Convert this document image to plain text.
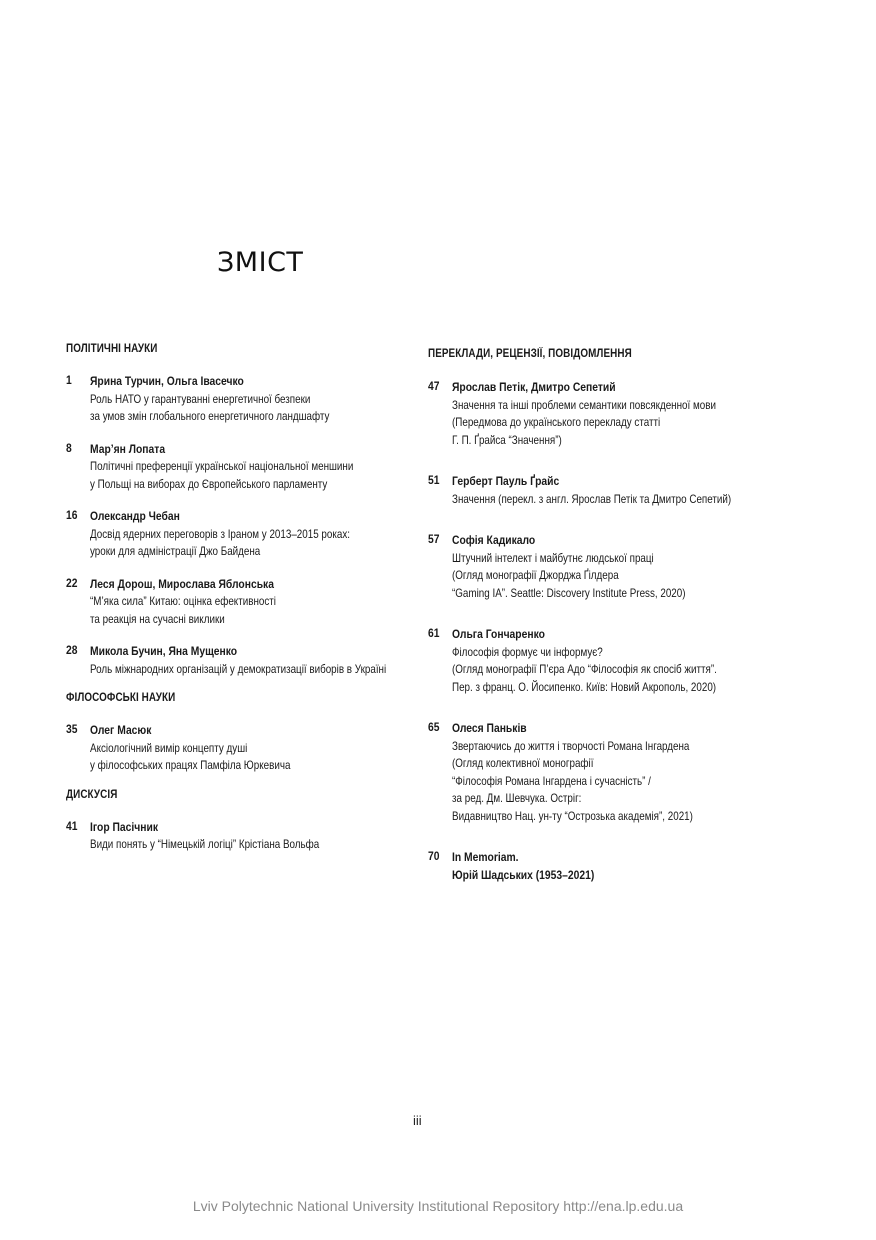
ЗМІСТ
ПОЛІТИЧНІ НАУКИ
1 Ярина Турчин, Ольга Івасечко
Роль НАТО у гарантуванні енергетичної безпеки
за умов змін глобального енергетичного ландшафту
8 Мар’ян Лопата
Політичні преференції української національної меншини
у Польщі на виборах до Європейського парламенту
16 Олександр Чебан
Досвід ядерних переговорів з Іраном у 2013–2015 роках:
уроки для адміністрації Джо Байдена
22 Леся Дорош, Мирослава Яблонська
“М’яка сила” Китаю: оцінка ефективності
та реакція на сучасні виклики
28 Микола Бучин, Яна Мущенко
Роль міжнародних організацій у демократизації виборів в Україні
ФІЛОСОФСЬКІ НАУКИ
35 Олег Масюк
Аксіологічний вимір концепту душі
у філософських працях Памфіла Юркевича
ДИСКУСІЯ
41 Ігор Пасічник
Види понять у “Німецькій логіці” Крістіана Вольфа
ПЕРЕКЛАДИ, РЕЦЕНЗІЇ, ПОВІДОМЛЕННЯ
47 Ярослав Петік, Дмитро Сепетий
Значення та інші проблеми семантики повсякденної мови
(Передмова до українського перекладу статті
Г. П. Ґрайса “Значення”)
51 Герберт Пауль Ґрайс
Значення (перекл. з англ. Ярослав Петік та Дмитро Сепетий)
57 Софія Кадикало
Штучний інтелект і майбутнє людської праці
(Огляд монографії Джорджа Ґілдера
“Gaming IA”. Seattle: Discovery Institute Press, 2020)
61 Ольга Гончаренко
Філософія формує чи інформує?
(Огляд монографії П’єра Адо “Філософія як спосіб життя”.
Пер. з франц. О. Йосипенко. Київ: Новий Акрополь, 2020)
65 Олеся Паньків
Звертаючись до життя і творчості Романа Інгардена
(Огляд колективної монографії
“Філософія Романа Інгардена і сучасність” /
за ред. Дм. Шевчука. Остріг:
Видавництво Нац. ун-ту “Острозька академія”, 2021)
70 In Memoriam.
Юрій Шадських (1953–2021)
iii
Lviv Polytechnic National University Institutional Repository http://ena.lp.edu.ua
